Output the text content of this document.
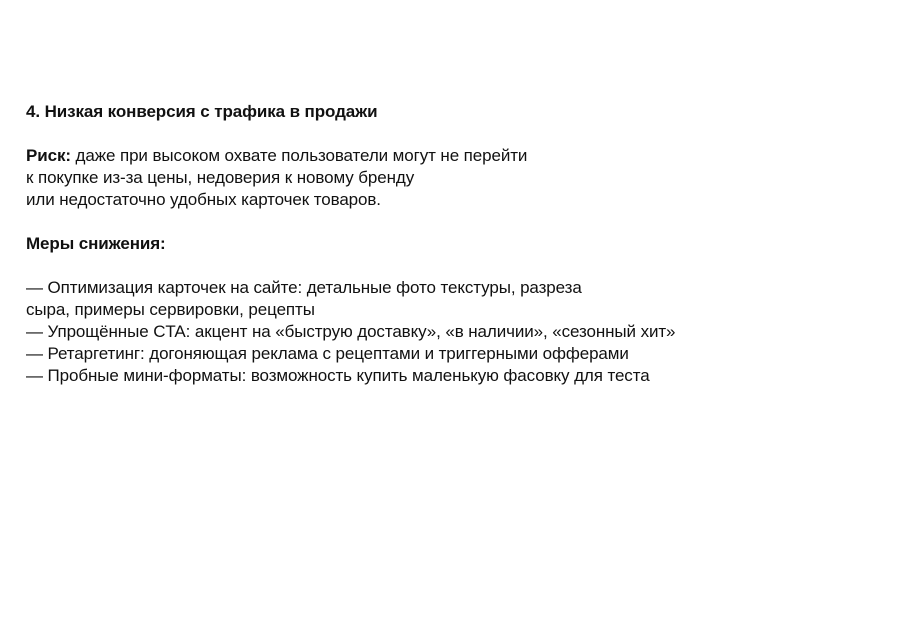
4. Низкая конверсия с трафика в продажи
Риск: даже при высоком охвате пользователи могут не перейти
к покупке из-за цены, недоверия к новому бренду
или недостаточно удобных карточек товаров.
Меры снижения:
— Оптимизация карточек на сайте: детальные фото текстуры, разреза
сыра, примеры сервировки, рецепты
— Упрощённые CTA: акцент на «быструю доставку», «в наличии», «сезонный хит»
— Ретаргетинг: догоняющая реклама с рецептами и триггерными офферами
— Пробные мини-форматы: возможность купить маленькую фасовку для теста
